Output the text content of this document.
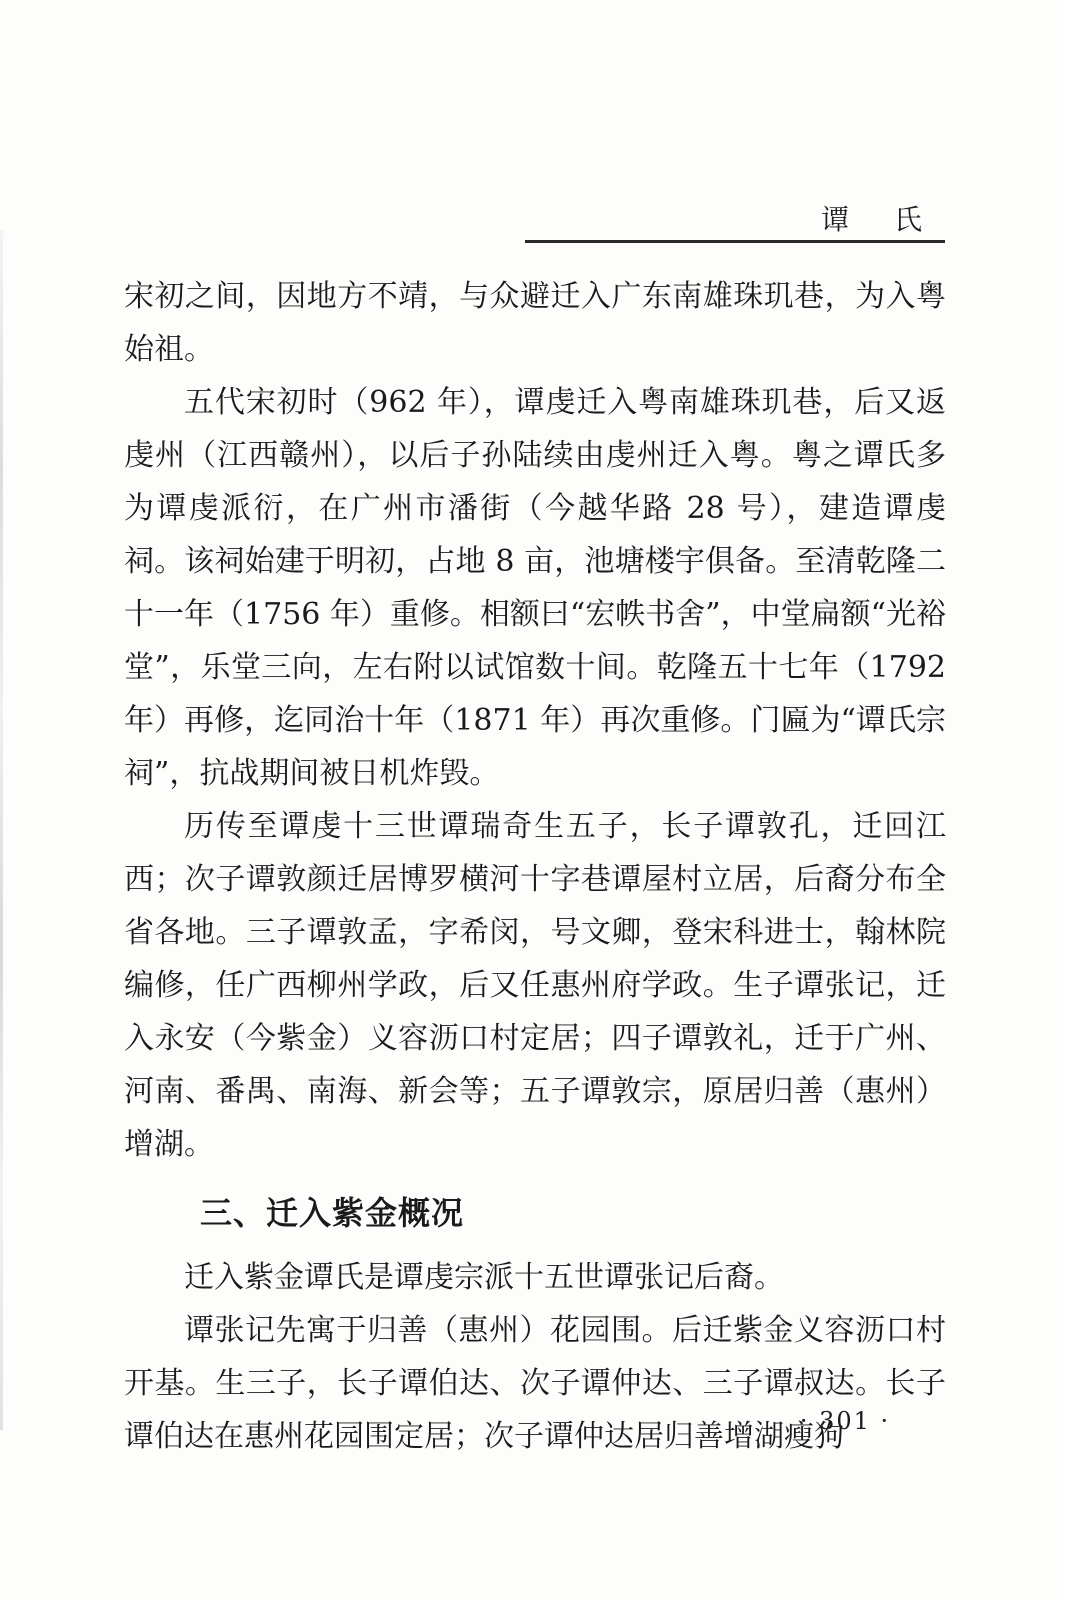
谭 氏

宋初之间，因地方不靖，与众避迁入广东南雄珠玑巷，为入粤始祖。

五代宋初时（962 年），谭虔迁入粤南雄珠玑巷，后又返虔州（江西赣州），以后子孙陆续由虔州迁入粤。粤之谭氏多为谭虔派衍，在广州市潘街（今越华路 28 号），建造谭虔祠。该祠始建于明初，占地 8 亩，池塘楼宇俱备。至清乾隆二十一年（1756 年）重修。相额曰“宏帙书舍”，中堂扁额“光裕堂”，乐堂三向，左右附以试馆数十间。乾隆五十七年（1792 年）再修，迄同治十年（1871 年）再次重修。门匾为“谭氏宗祠”，抗战期间被日机炸毁。

历传至谭虔十三世谭瑞奇生五子，长子谭敦孔，迁回江西；次子谭敦颜迁居博罗横河十字巷谭屋村立居，后裔分布全省各地。三子谭敦孟，字希闵，号文卿，登宋科进士，翰林院编修，任广西柳州学政，后又任惠州府学政。生子谭张记，迁入永安（今紫金）义容沥口村定居；四子谭敦礼，迁于广州、河南、番禺、南海、新会等；五子谭敦宗，原居归善（惠州）增湖。

三、迁入紫金概况

迁入紫金谭氏是谭虔宗派十五世谭张记后裔。

谭张记先寓于归善（惠州）花园围。后迁紫金义容沥口村开基。生三子，长子谭伯达、次子谭仲达、三子谭叔达。长子谭伯达在惠州花园围定居；次子谭仲达居归善增湖瘦狗

· 301 ·
